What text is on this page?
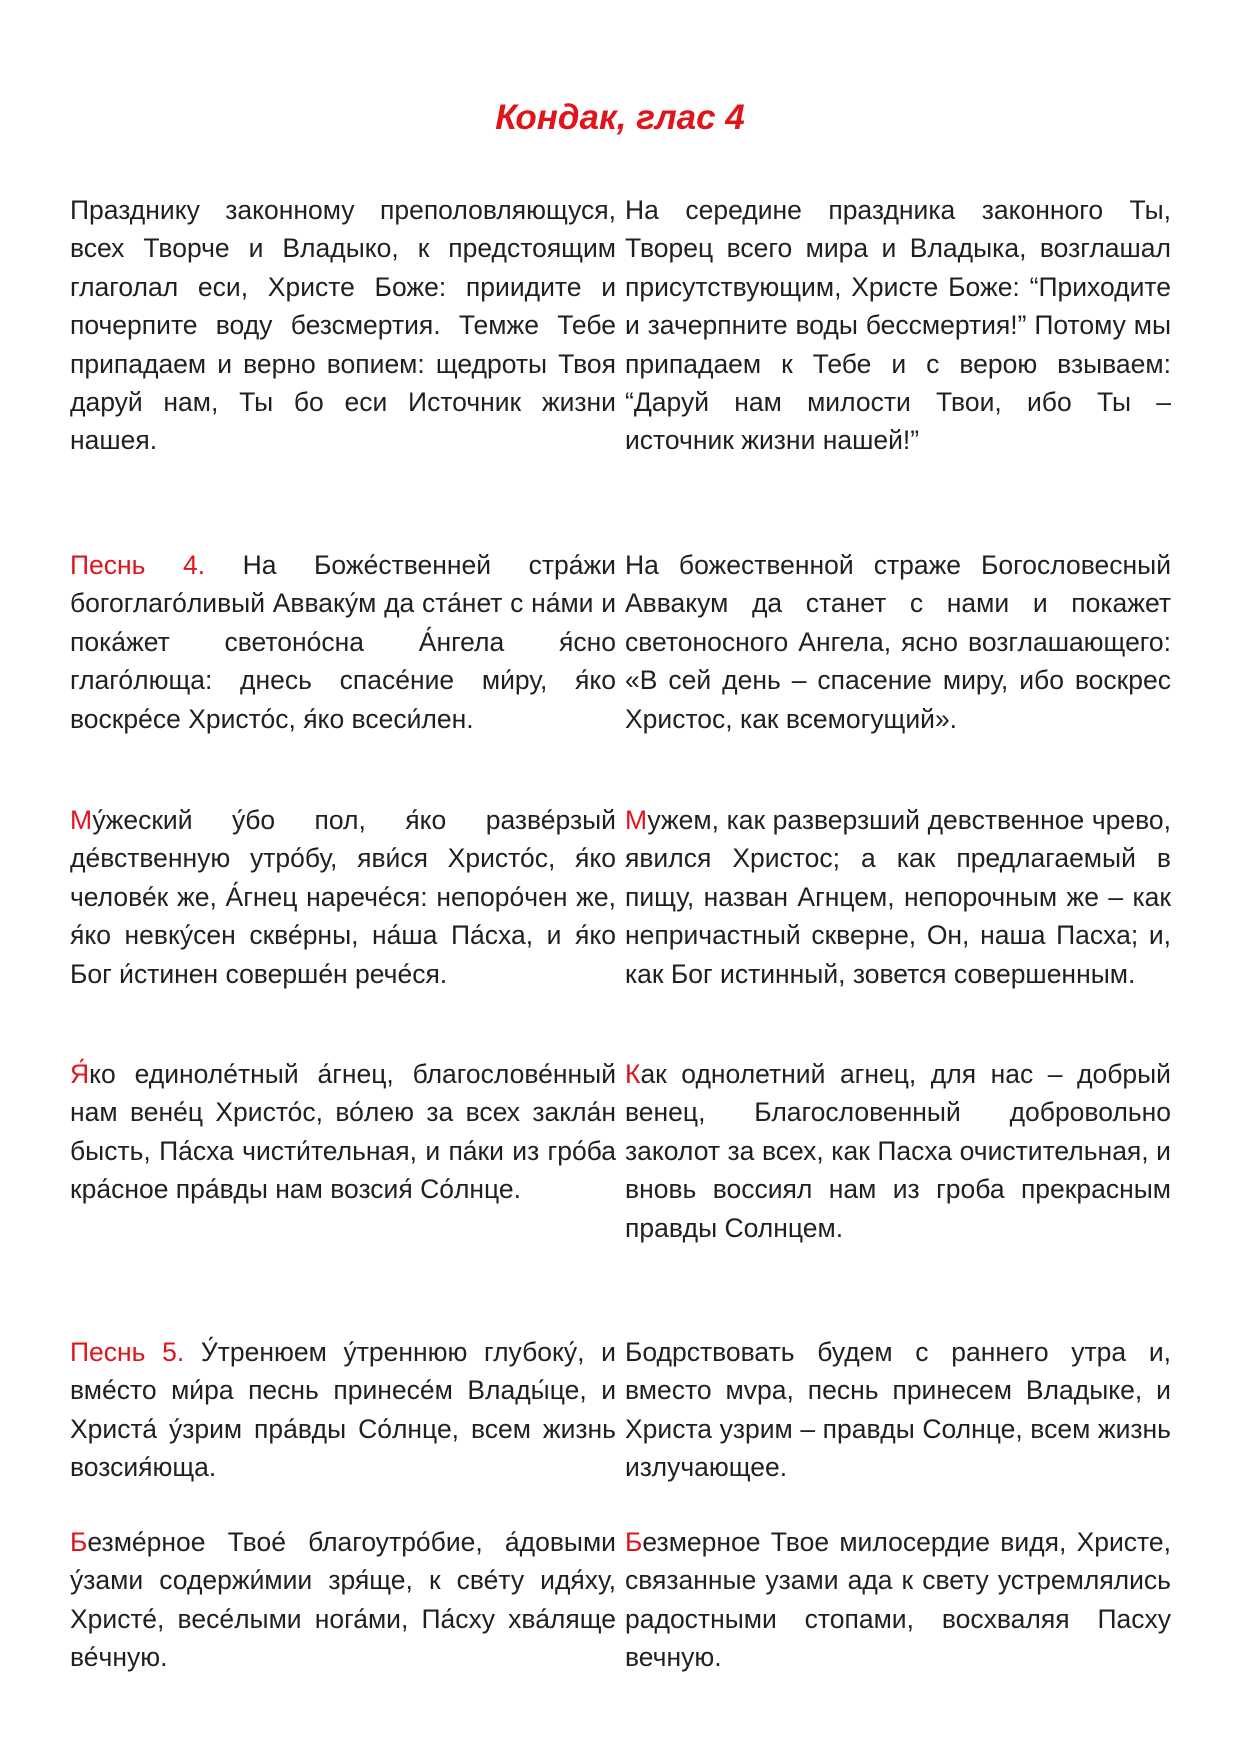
Кондак, глас 4

Празднику законному преполовляющуся, всех Творче и Владыко, к предстоящим глаголал еси, Христе Боже: приидите и почерпите воду безсмертия. Темже Тебе припадаем и верно вопием: щедроты Твоя даруй нам, Ты бо еси Источник жизни нашея.

На середине праздника законного Ты, Творец всего мира и Владыка, возглашал присутствующим, Христе Боже: “Приходите и зачерпните воды бессмертия!” Потому мы припадаем к Тебе и с верою взываем: “Даруй нам милости Твои, ибо Ты – источник жизни нашей!”

Песнь 4. На Боже́ственней стра́жи богоглаго́ливый Авваку́м да ста́нет с на́ми и пока́жет светоно́сна А́нгела я́сно глаго́люща: днесь спасе́ние ми́ру, я́ко воскре́се Христо́с, я́ко всеси́лен.

На божественной страже Богословесный Аввакум да станет с нами и покажет светоносного Ангела, ясно возглашающего: «В сей день – спасение миру, ибо воскрес Христос, как всемогущий».

Му́жеский у́бо пол, я́ко разве́рзый де́вственную утро́бу, яви́ся Христо́с, я́ко челове́к же, А́гнец нарече́ся: непоро́чен же, я́ко невку́сен скве́рны, на́ша Па́сха, и я́ко Бог и́стинен соверше́н рече́ся.

Мужем, как разверзший девственное чрево, явился Христос; а как предлагаемый в пищу, назван Агнцем, непорочным же – как непричастный скверне, Он, наша Пасха; и, как Бог истинный, зовется совершенным.

Я́ко единоле́тный а́гнец, благослове́нный нам вене́ц Христо́с, во́лею за всех закла́н бысть, Па́сха чисти́тельная, и па́ки из гро́ба кра́сное пра́вды нам возсия́ Со́лнце.

Как однолетний агнец, для нас – добрый венец, Благословенный добровольно заколот за всех, как Пасха очистительная, и вновь воссиял нам из гроба прекрасным правды Солнцем.

Песнь 5. У́тренюем у́треннюю глубоку́, и вме́сто ми́ра песнь принесе́м Влады́це, и Христа́ у́зрим пра́вды Со́лнце, всем жизнь возсия́юща.

Бодрствовать будем с раннего утра и, вместо мvра, песнь принесем Владыке, и Христа узрим – правды Солнце, всем жизнь излучающее.

Безме́рное Твое́ благоутро́бие, а́довыми у́зами содержи́мии зря́ще, к све́ту идя́ху, Христе́, весе́лыми нога́ми, Па́сху хва́ляще ве́чную.

Безмерное Твое милосердие видя, Христе, связанные узами ада к свету устремлялись радостными стопами, восхваляя Пасху вечную.
